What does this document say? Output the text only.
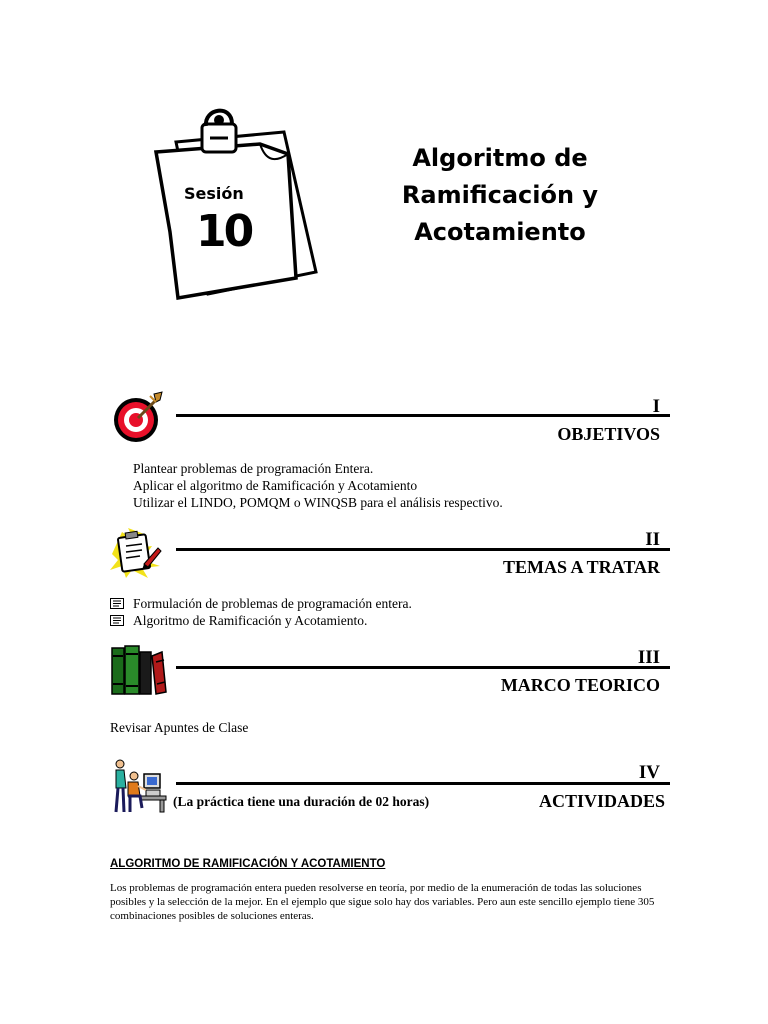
Sesión
10
Algoritmo de
Ramificación y
Acotamiento
I
OBJETIVOS
Plantear problemas de programación Entera.
Aplicar el algoritmo de Ramificación y Acotamiento
Utilizar el LINDO, POMQM o WINQSB para el análisis respectivo.
II
TEMAS A TRATAR
Formulación de problemas de programación entera.
Algoritmo de Ramificación y Acotamiento.
III
MARCO TEORICO
Revisar Apuntes de Clase
IV
(La práctica tiene una duración de 02 horas)	ACTIVIDADES
ALGORITMO DE RAMIFICACIÓN Y ACOTAMIENTO
Los problemas de programación entera pueden resolverse en teoría, por medio de la enumeración de todas las soluciones posibles y la selección de la mejor. En el ejemplo que sigue solo hay dos variables. Pero aun este sencillo ejemplo tiene 305 combinaciones posibles de soluciones enteras.
